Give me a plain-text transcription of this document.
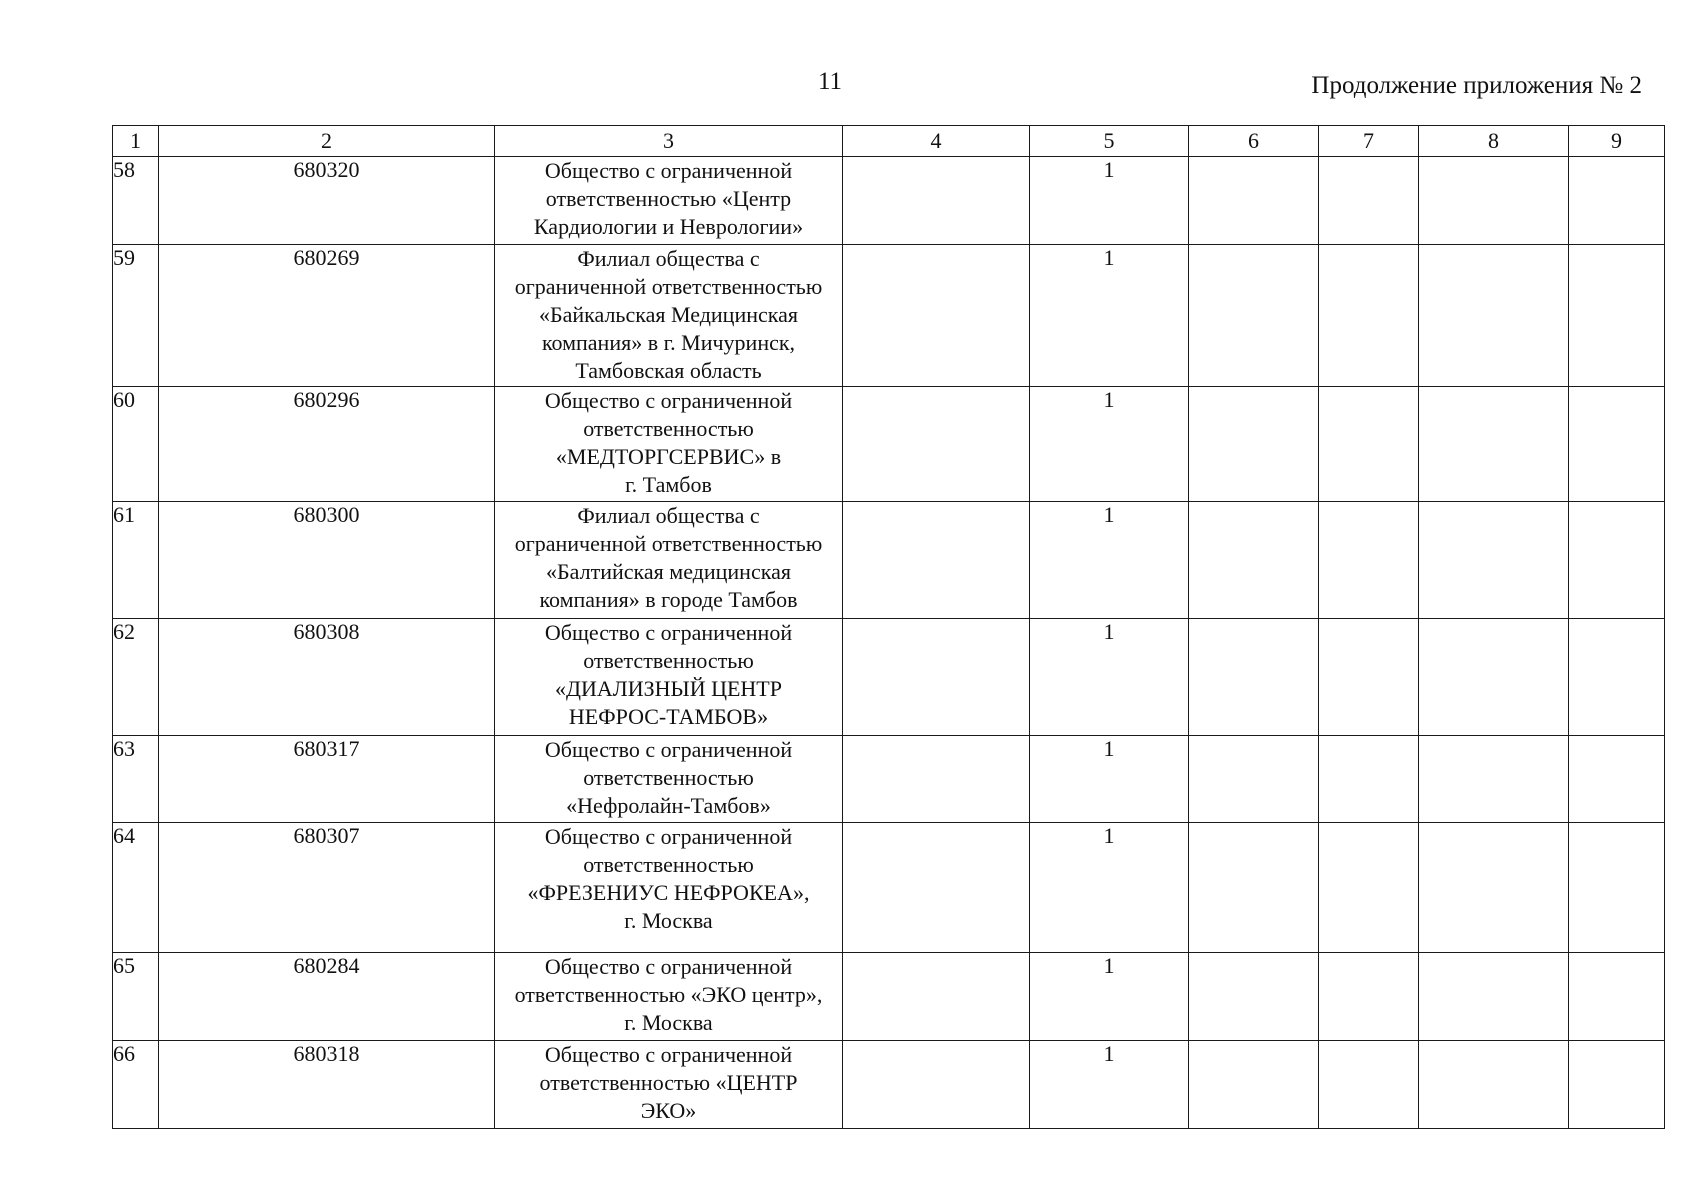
11	Продолжение приложения № 2
1	2	3	4	5	6	7	8	9
58	680320	Общество с ограниченной
ответственностью «Центр
Кардиологии и Неврологии»		1				
59	680269	Филиал общества с
ограниченной ответственностью
«Байкальская Медицинская
компания» в г. Мичуринск,
Тамбовская область		1				
60	680296	Общество с ограниченной
ответственностью
«МЕДТОРГСЕРВИС» в
г. Тамбов		1				
61	680300	Филиал общества с
ограниченной ответственностью
«Балтийская медицинская
компания» в городе Тамбов		1				
62	680308	Общество с ограниченной
ответственностью
«ДИАЛИЗНЫЙ ЦЕНТР
НЕФРОС-ТАМБОВ»		1				
63	680317	Общество с ограниченной
ответственностью
«Нефролайн-Тамбов»		1				
64	680307	Общество с ограниченной
ответственностью
«ФРЕЗЕНИУС НЕФРОКЕА»,
г. Москва		1				
65	680284	Общество с ограниченной
ответственностью «ЭКО центр»,
г. Москва		1				
66	680318	Общество с ограниченной
ответственностью «ЦЕНТР
ЭКО»		1				
